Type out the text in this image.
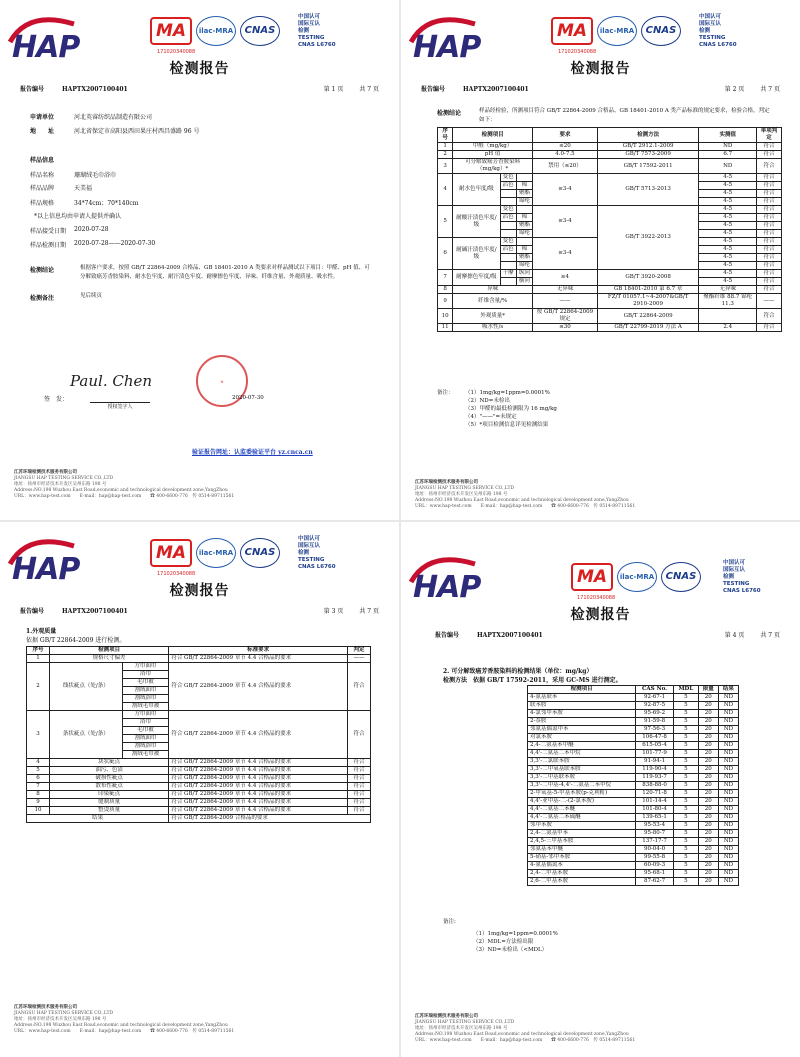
HAP	MA	ilac-MRA	CNAS
中国认可
国际互认
检测
TESTING
CNAS L6760
171020340088
检测报告
报告编号	HAPTX2007100401	第 1 页	共 7 页
申请单位	河北英睿纺织品制造有限公司
地　　址	河北省保定市高阳县西田果庄村西昌盛路 96 号
样品信息
样品名称	珊瑚绒毛巾浴巾
样品品牌	天美福
样品规格	34*74cm；70*140cm
*以上信息均由申请人提供并确认
样品接受日期	2020-07-28
样品检测日期	2020-07-28——2020-07-30
检测结论	根据客户要求，按照 GB/T 22864-2009 合格品、GB 18401-2010 A 类要求对样品测试以下项目：甲醛、pH 值、可分解致癌芳香胺染料、耐水色牢度、耐汗渍色牢度、耐摩擦色牢度、异味、纤维含量、外观质量、吸水性。
检测备注	见后续页
Paul. Chen
签　发：
授权签字人
★
2020-07-30
验证报告网址：认监委验证平台 yz.cnca.cn
江苏环瑞检测技术服务有限公司
JIANGSU HAP TESTING SERVICE CO.,LTD
地址：扬州市经济技术开发区吴州东路 198 号
Address:NO.198 Wuzhou East Road,economic and technological development zone,YangZhou
URL：www.hap-test.com　　E-mail：hap@hap-test.com　　☎ 400-6600-776　传 0514-89711561
HAP	MA	ilac-MRA	CNAS
中国认可
国际互认
检测
TESTING
CNAS L6760
171020340088
检测报告
报告编号	HAPTX2007100401	第 2 页	共 7 页
检测结论	样品经检验，所测项目符合 GB/T 22864-2009 合格品、GB 18401-2010 A 类产品标准的规定要求，检验合格，判定如下：
序号	检测项目			要求	检测方法	实测值	单项判定
1	甲醛（mg/kg）			≤20	GB/T 2912.1-2009	ND	符合
2	pH 值			4.0-7.5	GB/T 7573-2009	6.7	符合
3	可分解致癌芳香胺染料（mg/kg）*			禁用（≤20）	GB/T 17592-2011	ND	符合
4	耐水色牢度/级	变色		≥3-4	GB/T 5713-2013	4-5	符合
		沾色	棉			4-5	符合
			聚酯			4-5	符合
			锦纶			4-5	符合
5	耐酸汗渍色牢度/级	变色		≥3-4	GB/T 3922-2013	4-5	符合
		沾色	棉			4-5	符合
			聚酯			4-5	符合
			锦纶			4-5	符合
6	耐碱汗渍色牢度/级	变色		≥3-4		4-5	符合
		沾色	棉			4-5	符合
			聚酯			4-5	符合
			锦纶			4-5	符合
7	耐摩擦色牢度/级	干摩	纵向	≥4	GB/T 3920-2008	4-5	符合
			横向			4-5	符合
8	异味			无异味	GB 18401-2010 第 6.7 章	无异味	符合
9	纤维含量/%			——	FZ/T 01057.1~4-2007&GB/T 2910-2009	聚酯纤维 88.7 锦纶 11.3	——
10	外观质量*			按 GB/T 22864-2009 规定	GB/T 22864-2009		符合
11	吸水性/s			≤30	GB/T 22799-2019 方法 A	2.4	符合
备注： （1）1mg/kg=1ppm=0.0001%
（2）ND=未检出
（3）甲醛的最低检测限为 16 mg/kg
（4）"——"=未规定
（5）*项目检测信息详见检测结果
江苏环瑞检测技术服务有限公司
JIANGSU HAP TESTING SERVICE CO.,LTD
地址：扬州市经济技术开发区吴州东路 198 号
Address:NO.198 Wuzhou East Road,economic and technological development zone,YangZhou
URL：www.hap-test.com　　E-mail：hap@hap-test.com　　☎ 400-6600-776　传 0514-89711561
HAP	MA	ilac-MRA	CNAS
中国认可
国际互认
检测
TESTING
CNAS L6760
171020340088
检测报告
报告编号	HAPTX2007100401	第 3 页	共 7 页
1.外观质量
依据 GB/T 22864-2009 进行检测。
序号	检测项目		标准要求	判定
1	规格尺寸偏差		符合 GB/T 22864-2009 章节 4.4 合格品的要求	——
2	线状疵点（处/条）	方巾面巾	符合 GB/T 22864-2009 章节 4.4 合格品的要求	符合
		浴巾		
		毛巾被		
		割绒面巾		
		割绒浴巾		
		割绒毛巾被		
3	条状疵点（处/条）	方巾面巾	符合 GB/T 22864-2009 章节 4.4 合格品的要求	符合
		浴巾		
		毛巾被		
		割绒面巾		
		割绒浴巾		
		割绒毛巾被		
4	块状疵点		符合 GB/T 22864-2009 章节 4.4 合格品的要求	符合
5	油污、色渍		符合 GB/T 22864-2009 章节 4.4 合格品的要求	符合
6	破损性疵点		符合 GB/T 22864-2009 章节 4.4 合格品的要求	符合
7	散布性疵点		符合 GB/T 22864-2009 章节 4.4 合格品的要求	符合
8	印染疵点		符合 GB/T 22864-2009 章节 4.4 合格品的要求	符合
9	缝制质量		符合 GB/T 22864-2009 章节 4.4 合格品的要求	符合
10	整烫质量		符合 GB/T 22864-2009 章节 4.4 合格品的要求	符合
结果			符合 GB/T 22864-2009 合格品的要求	
江苏环瑞检测技术服务有限公司
JIANGSU HAP TESTING SERVICE CO.,LTD
地址：扬州市经济技术开发区吴州东路 198 号
Address:NO.198 Wuzhou East Road,economic and technological development zone,YangZhou
URL：www.hap-test.com　　E-mail：hap@hap-test.com　　☎ 400-6600-776　传 0514-89711561
HAP	MA	ilac-MRA	CNAS
中国认可
国际互认
检测
TESTING
CNAS L6760
171020340088
检测报告
报告编号	HAPTX2007100401	第 4 页	共 7 页
2. 可分解致癌芳香胺染料的检测结果（单位：mg/kg）
检测方法　依据 GB/T 17592-2011，采用 GC-MS 进行测定。
检测项目	CAS No.	MDL	限量	结果
4-氨基联苯	92-67-1	5	20	ND
联苯胺	92-87-5	5	20	ND
4-氯邻甲苯胺	95-69-2	5	20	ND
2-萘胺	91-59-8	5	20	ND
邻氨基偶氮甲苯	97-56-3	5	20	ND
对氯苯胺	106-47-8	5	20	ND
2,4-二氨基苯甲醚	615-05-4	5	20	ND
4,4'-二氨基二苯甲烷	101-77-9	5	20	ND
3,3'-二氯联苯胺	91-94-1	5	20	ND
3,3'-二甲氧基联苯胺	119-90-4	5	20	ND
3,3'-二甲基联苯胺	119-93-7	5	20	ND
3,3'-二甲基-4,4'-二氨基二苯甲烷	838-88-0	5	20	ND
2-甲氧基-5-甲基苯胺(p-克利酊)	120-71-8	5	20	ND
4,4'-亚甲基-二-(2-氯苯胺)	101-14-4	5	20	ND
4,4'-二氨基二苯醚	101-80-4	5	20	ND
4,4'-二氨基二苯硫醚	139-65-1	5	20	ND
邻甲苯胺	95-53-4	5	20	ND
2,4-二氨基甲苯	95-80-7	5	20	ND
2,4,5-三甲基苯胺	137-17-7	5	20	ND
邻氨基苯甲醚	90-04-0	5	20	ND
5-硝基-邻甲苯胺	99-55-8	5	20	ND
4-氨基偶氮苯	60-09-3	5	20	ND
2,4-二甲基苯胺	95-68-1	5	20	ND
2,6-二甲基苯胺	87-62-7	5	20	ND
备注:
（1）1mg/kg=1ppm=0.0001%
（2）MDL=方法检出限
（3）ND=未检出（<MDL）
江苏环瑞检测技术服务有限公司
JIANGSU HAP TESTING SERVICE CO.,LTD
地址：扬州市经济技术开发区吴州东路 198 号
Address:NO.198 Wuzhou East Road,economic and technological development zone,YangZhou
URL：www.hap-test.com　　E-mail：hap@hap-test.com　　☎ 400-6600-776　传 0514-89711561
